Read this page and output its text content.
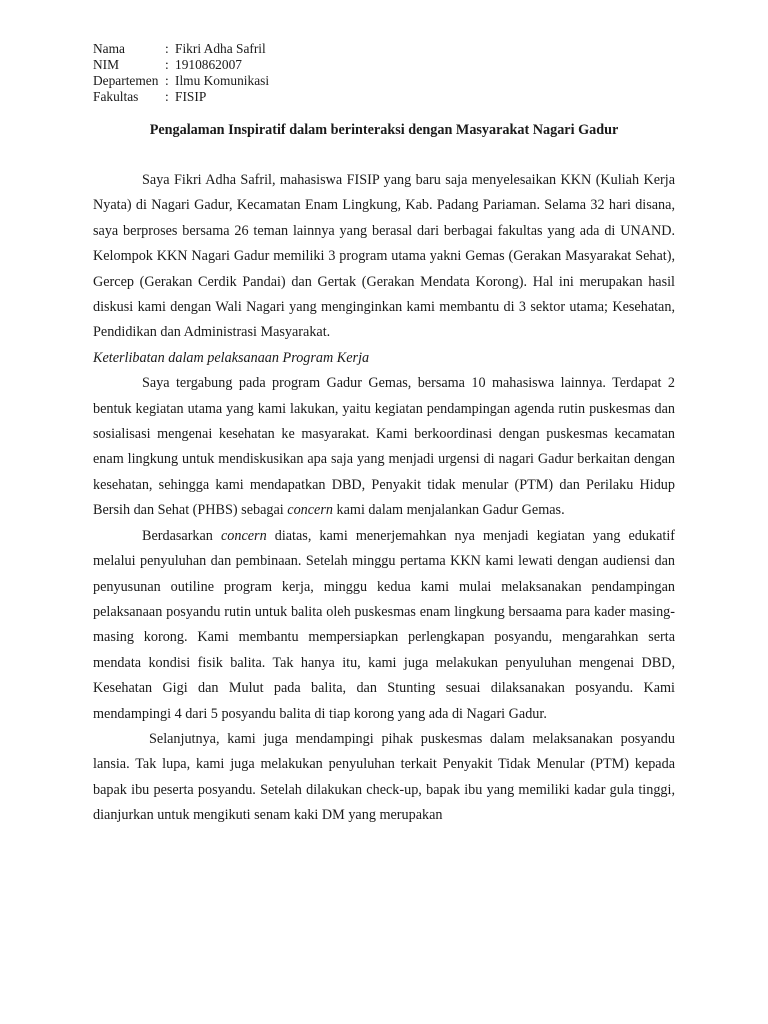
Nama	: Fikri Adha Safril
NIM	: 1910862007
Departemen : Ilmu Komunikasi
Fakultas	: FISIP
Pengalaman Inspiratif dalam berinteraksi dengan Masyarakat Nagari Gadur

Saya Fikri Adha Safril, mahasiswa FISIP yang baru saja menyelesaikan KKN (Kuliah Kerja Nyata) di Nagari Gadur, Kecamatan Enam Lingkung, Kab. Padang Pariaman. Selama 32 hari disana, saya berproses bersama 26 teman lainnya yang berasal dari berbagai fakultas yang ada di UNAND. Kelompok KKN Nagari Gadur memiliki 3 program utama yakni Gemas (Gerakan Masyarakat Sehat), Gercep (Gerakan Cerdik Pandai) dan Gertak (Gerakan Mendata Korong). Hal ini merupakan hasil diskusi kami dengan Wali Nagari yang menginginkan kami membantu di 3 sektor utama; Kesehatan, Pendidikan dan Administrasi Masyarakat.

Keterlibatan dalam pelaksanaan Program Kerja

Saya tergabung pada program Gadur Gemas, bersama 10 mahasiswa lainnya. Terdapat 2 bentuk kegiatan utama yang kami lakukan, yaitu kegiatan pendampingan agenda rutin puskesmas dan sosialisasi mengenai kesehatan ke masyarakat. Kami berkoordinasi dengan puskesmas kecamatan enam lingkung untuk mendiskusikan apa saja yang menjadi urgensi di nagari Gadur berkaitan dengan kesehatan, sehingga kami mendapatkan DBD, Penyakit tidak menular (PTM) dan Perilaku Hidup Bersih dan Sehat (PHBS) sebagai concern kami dalam menjalankan Gadur Gemas.

Berdasarkan concern diatas, kami menerjemahkan nya menjadi kegiatan yang edukatif melalui penyuluhan dan pembinaan. Setelah minggu pertama KKN kami lewati dengan audiensi dan penyusunan outiline program kerja, minggu kedua kami mulai melaksanakan pendampingan pelaksanaan posyandu rutin untuk balita oleh puskesmas enam lingkung bersaama para kader masing-masing korong. Kami membantu mempersiapkan perlengkapan posyandu, mengarahkan serta mendata kondisi fisik balita. Tak hanya itu, kami juga melakukan penyuluhan mengenai DBD, Kesehatan Gigi dan Mulut pada balita, dan Stunting sesuai dilaksanakan posyandu. Kami mendampingi 4 dari 5 posyandu balita di tiap korong yang ada di Nagari Gadur.

Selanjutnya, kami juga mendampingi pihak puskesmas dalam melaksanakan posyandu lansia. Tak lupa, kami juga melakukan penyuluhan terkait Penyakit Tidak Menular (PTM) kepada bapak ibu peserta posyandu. Setelah dilakukan check-up, bapak ibu yang memiliki kadar gula tinggi, dianjurkan untuk mengikuti senam kaki DM yang merupakan
